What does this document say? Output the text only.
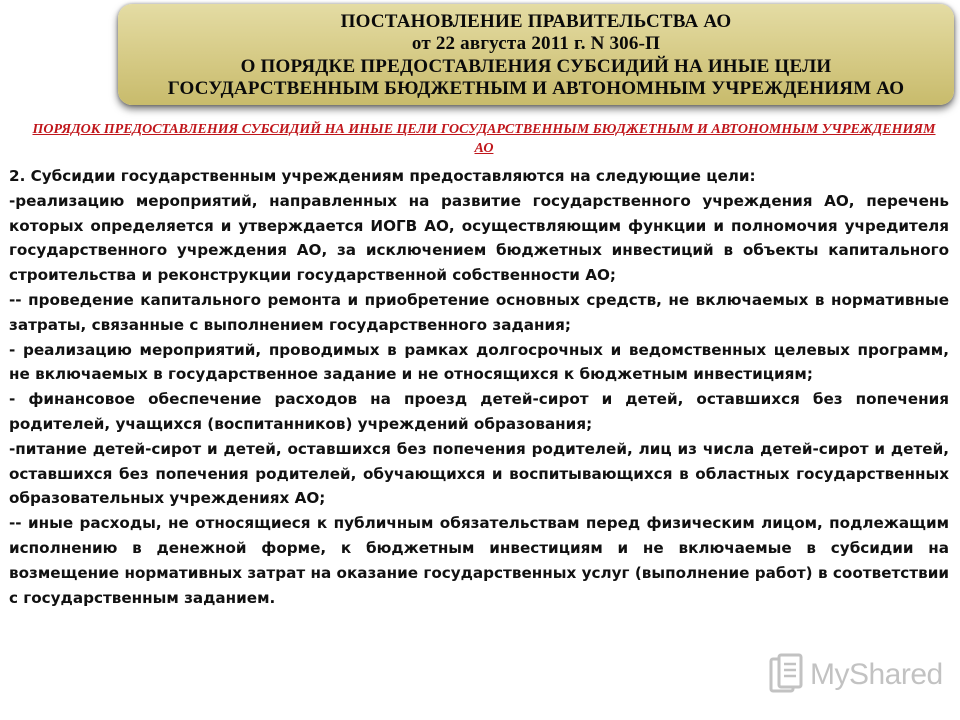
ПОСТАНОВЛЕНИЕ ПРАВИТЕЛЬСТВА АО
от 22 августа 2011 г. N 306-П
О ПОРЯДКЕ ПРЕДОСТАВЛЕНИЯ СУБСИДИЙ НА ИНЫЕ ЦЕЛИ
ГОСУДАРСТВЕННЫМ БЮДЖЕТНЫМ И АВТОНОМНЫМ УЧРЕЖДЕНИЯМ АО
ПОРЯДОК ПРЕДОСТАВЛЕНИЯ СУБСИДИЙ НА ИНЫЕ ЦЕЛИ ГОСУДАРСТВЕННЫМ БЮДЖЕТНЫМ И АВТОНОМНЫМ УЧРЕЖДЕНИЯМ АО

2. Субсидии государственным учреждениям предоставляются на следующие цели:

-реализацию мероприятий, направленных на развитие государственного учреждения АО, перечень которых определяется и утверждается ИОГВ АО, осуществляющим функции и полномочия учредителя государственного учреждения АО, за исключением бюджетных инвестиций в объекты капитального строительства и реконструкции государственной собственности АО;

-- проведение капитального ремонта и приобретение основных средств, не включаемых в нормативные затраты, связанные с выполнением государственного задания;

- реализацию мероприятий, проводимых в рамках долгосрочных и ведомственных целевых программ, не включаемых в государственное задание и не относящихся к бюджетным инвестициям;

- финансовое обеспечение расходов на проезд детей-сирот и детей, оставшихся без попечения родителей, учащихся (воспитанников) учреждений образования;

-питание детей-сирот и детей, оставшихся без попечения родителей, лиц из числа детей-сирот и детей, оставшихся без попечения родителей, обучающихся и воспитывающихся в областных государственных образовательных учреждениях АО;

-- иные расходы, не относящиеся к публичным обязательствам перед физическим лицом, подлежащим исполнению в денежной форме, к бюджетным инвестициям и не включаемые в субсидии на возмещение нормативных затрат на оказание государственных услуг (выполнение работ) в соответствии с государственным заданием.

MyShared
